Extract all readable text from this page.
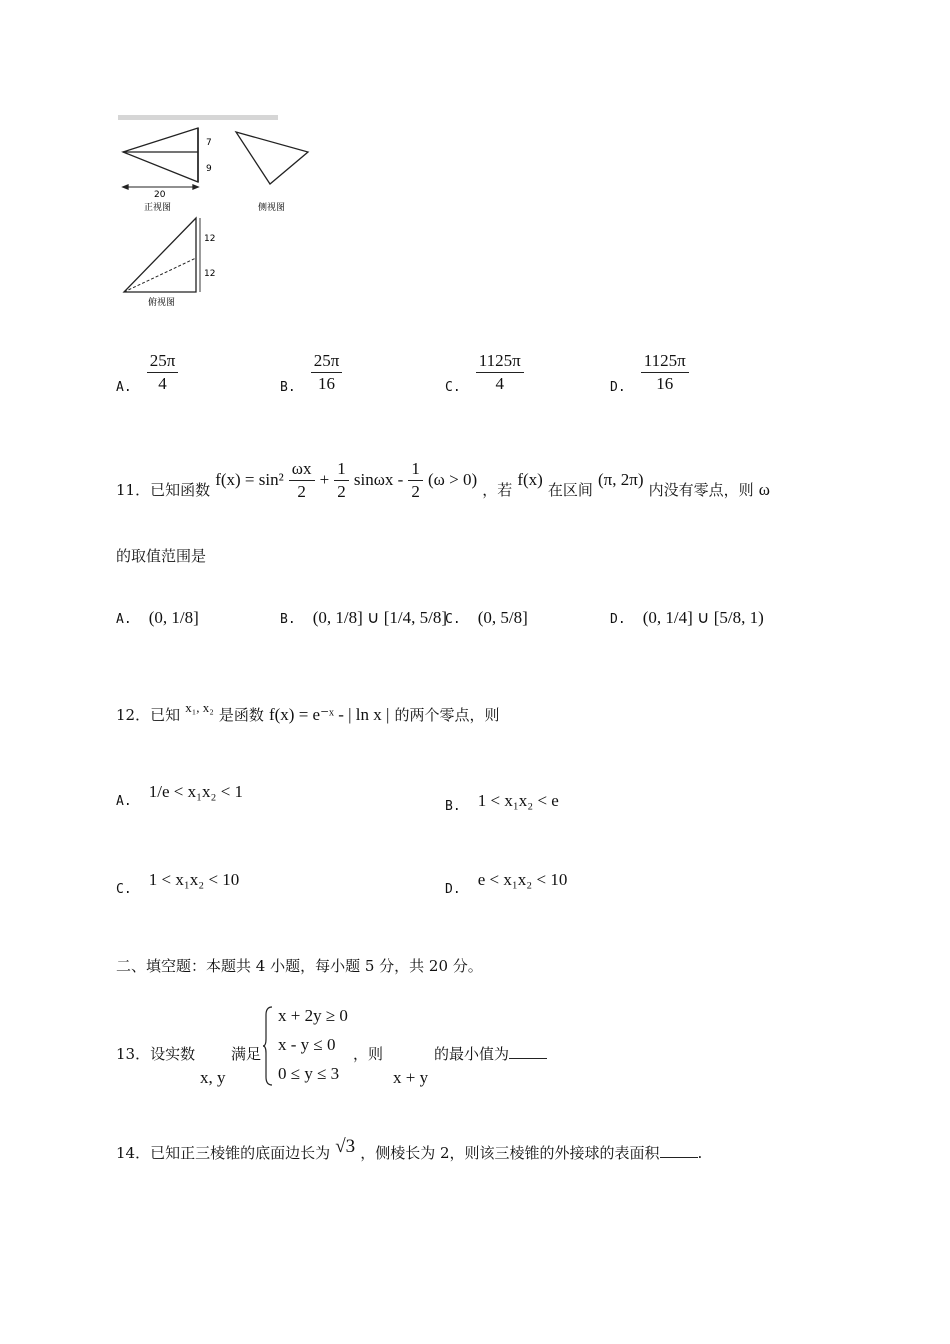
7
9
20
正视图	侧视图
12
12
俯视图
$_{A.} \frac{25\pi}{4}$	$_{B.} \frac{25\pi}{16}$	$_{C.} \frac{1125\pi}{4}$	$_{D.} \frac{1125\pi}{16}$
11．已知函数 $f(x) = \sin^2 \frac{\omega x}{2} + \frac{1}{2}$ $\sin\omega x - \frac{1}{2} (\omega > 0)$ ，若 f(x) 在区间 (π, 2π) 内没有零点，则 ω
的取值范围是
A. (0, 1/8]	B. (0, 1/8] ∪ [1/4, 5/8]
C. (0, 5/8]	D. (0, 1/4] ∪ [5/8, 1)
12．已知 $^{x_1, x_2}$ 是函数 f(x) = e⁻ˣ - | ln x | 的两个零点，则
A. 1/e < x₁x₂ < 1
B. 1 < x₁x₂ < e
C. 1 < x₁x₂ < 10
D. e < x₁x₂ < 10
二、填空题：本题共 4 小题，每小题 5 分，共 20 分。
13．设实数
x, y
满足
x + 2y ≥ 0
x - y ≤ 0
0 ≤ y ≤ 3
，则
x + y
的最小值为
14．已知正三棱锥的底面边长为 √3 ，侧棱长为 2，则该三棱锥的外接球的表面积	.
